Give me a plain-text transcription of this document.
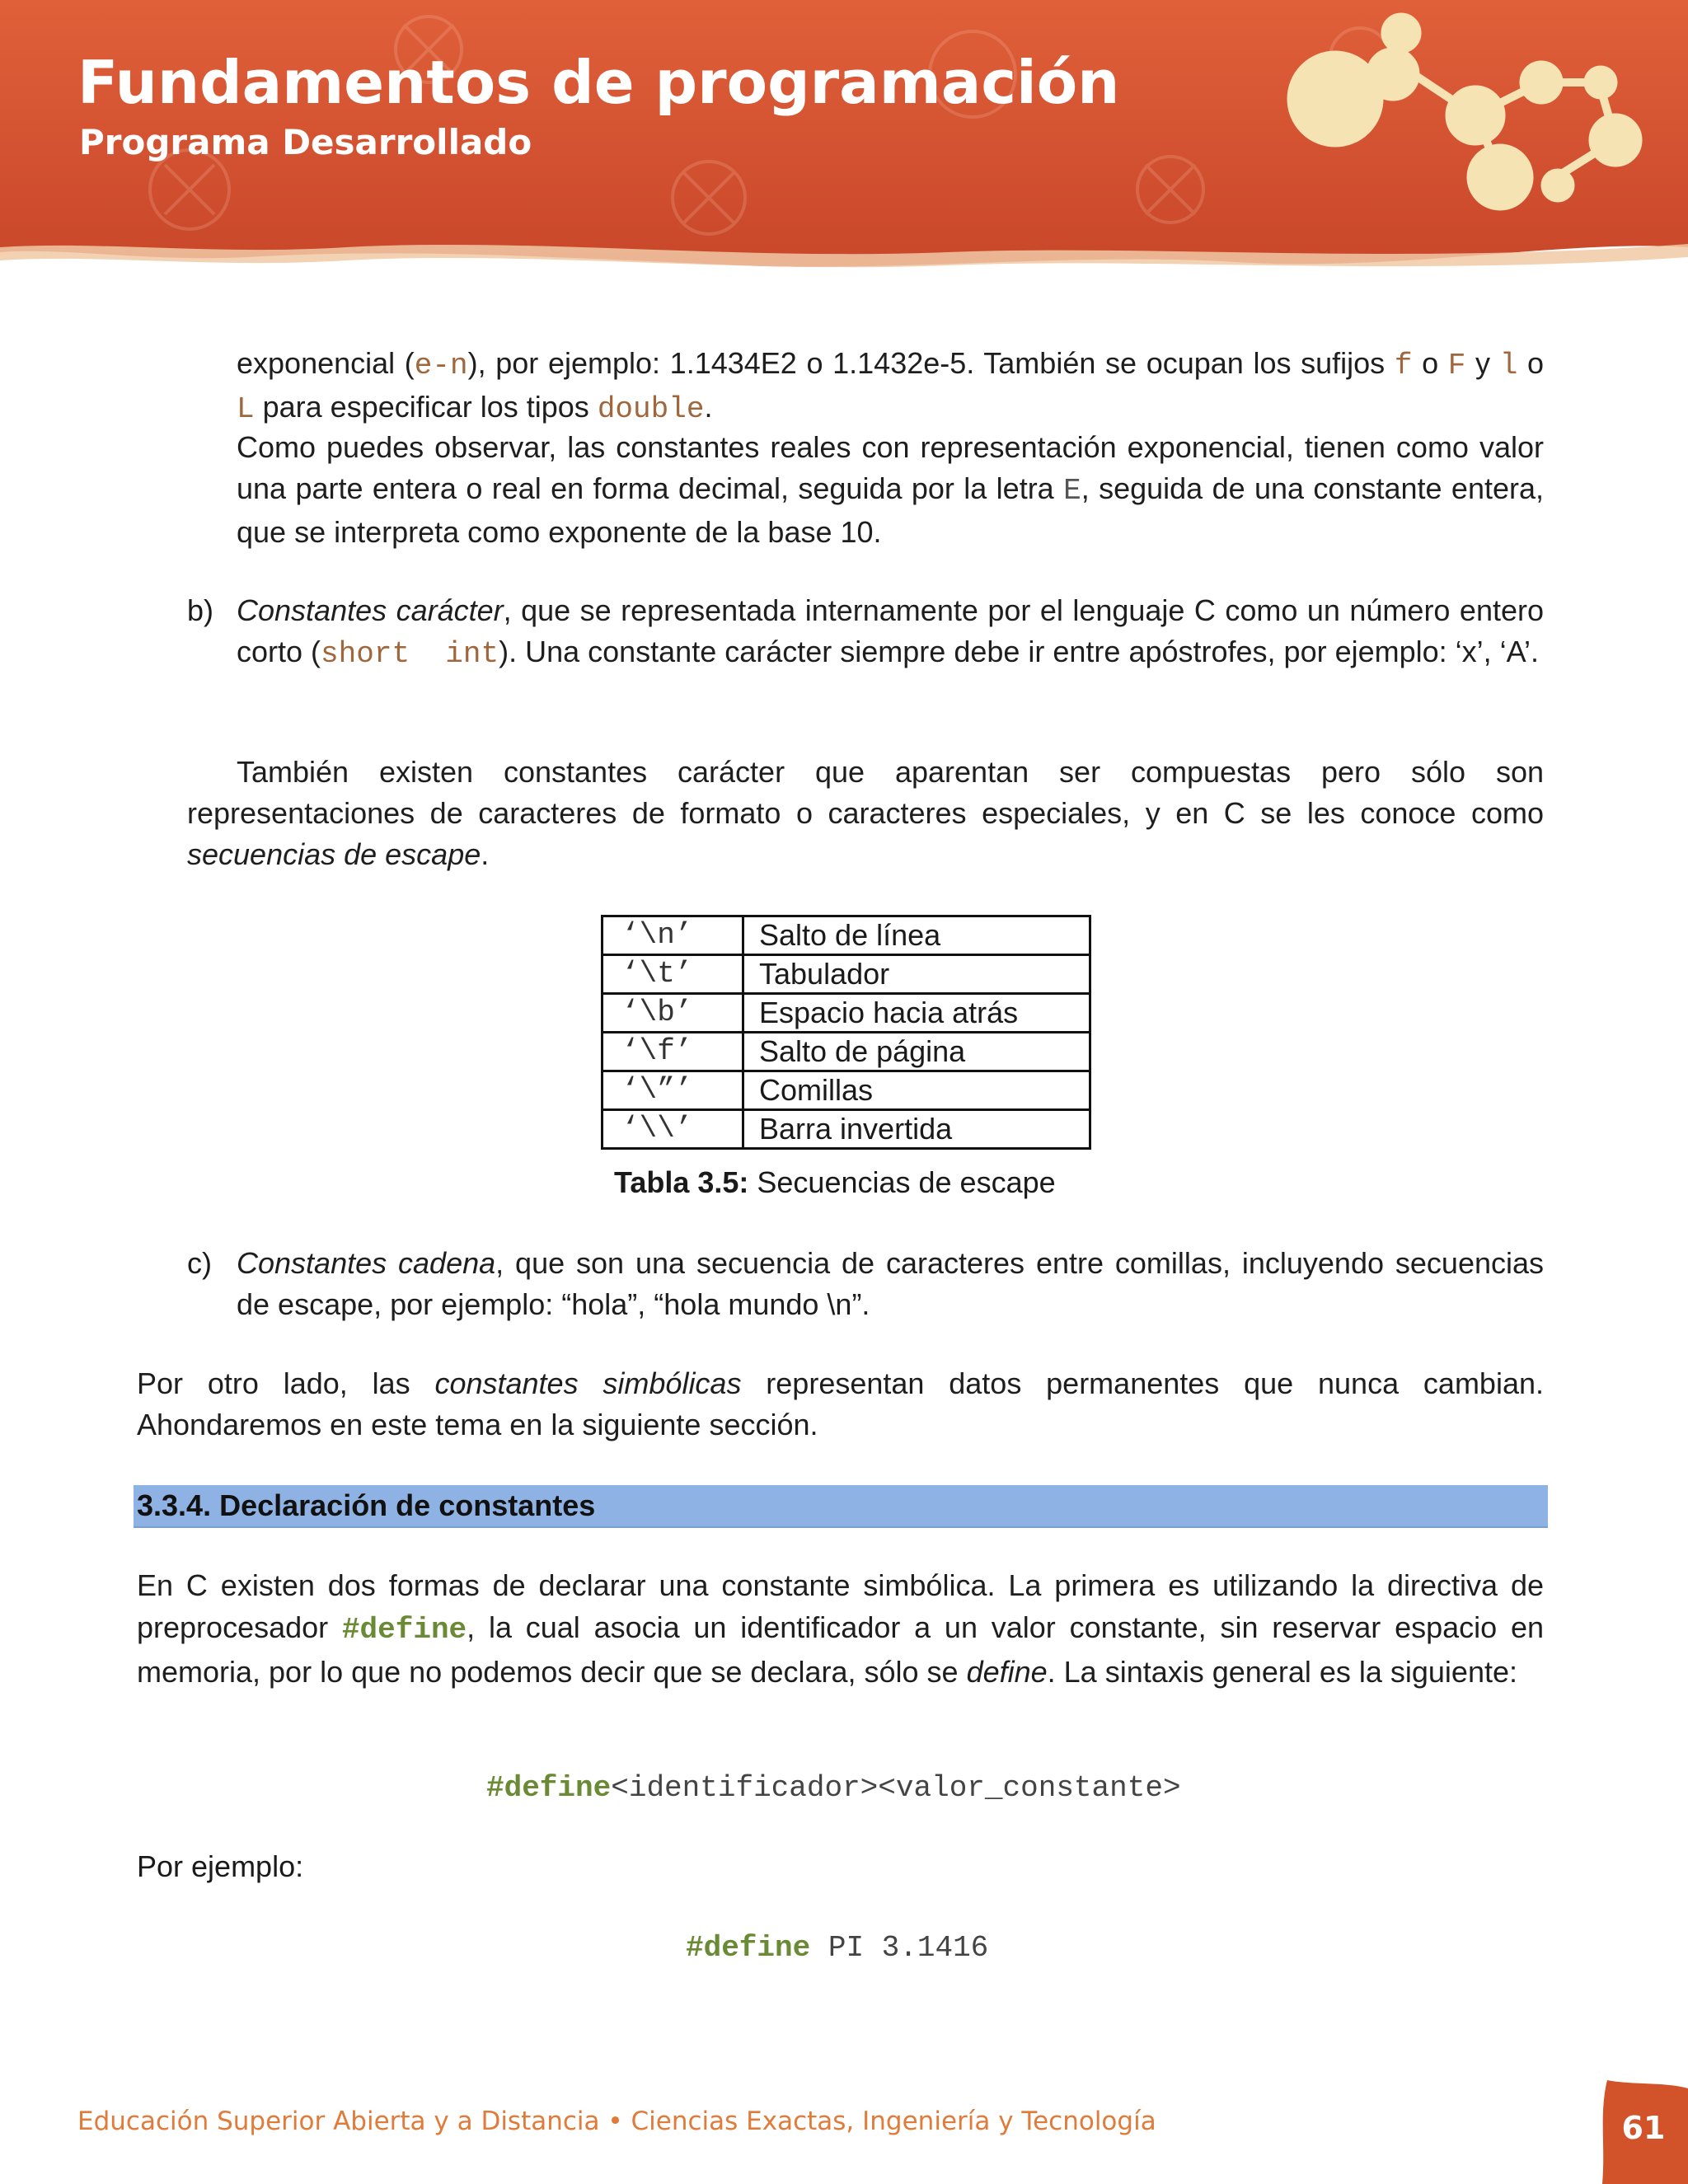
Fundamentos de programación
Programa Desarrollado

exponencial (e-n), por ejemplo: 1.1434E2 o 1.1432e-5. También se ocupan los sufijos f o F y l o L para especificar los tipos double.

Como puedes observar, las constantes reales con representación exponencial, tienen como valor una parte entera o real en forma decimal, seguida por la letra E, seguida de una constante entera, que se interpreta como exponente de la base 10.

b) Constantes carácter, que se representada internamente por el lenguaje C como un número entero corto (short  int). Una constante carácter siempre debe ir entre apóstrofes, por ejemplo: ‘x’, ‘A’.

También existen constantes carácter que aparentan ser compuestas pero sólo son representaciones de caracteres de formato o caracteres especiales, y en C se les conoce como secuencias de escape.

‘\n’	Salto de línea
‘\t’	Tabulador
‘\b’	Espacio hacia atrás
‘\f’	Salto de página
‘\”’	Comillas
‘\\’	Barra invertida

Tabla 3.5: Secuencias de escape

c) Constantes cadena, que son una secuencia de caracteres entre comillas, incluyendo secuencias de escape, por ejemplo: “hola”, “hola mundo \n”.

Por otro lado, las constantes simbólicas representan datos permanentes que nunca cambian. Ahondaremos en este tema en la siguiente sección.

3.3.4. Declaración de constantes

En C existen dos formas de declarar una constante simbólica. La primera es utilizando la directiva de preprocesador #define, la cual asocia un identificador a un valor constante, sin reservar espacio en memoria, por lo que no podemos decir que se declara, sólo se define. La sintaxis general es la siguiente:

#define<identificador><valor_constante>

Por ejemplo:

#define PI 3.1416

Educación Superior Abierta y a Distancia • Ciencias Exactas, Ingeniería y Tecnología	61
